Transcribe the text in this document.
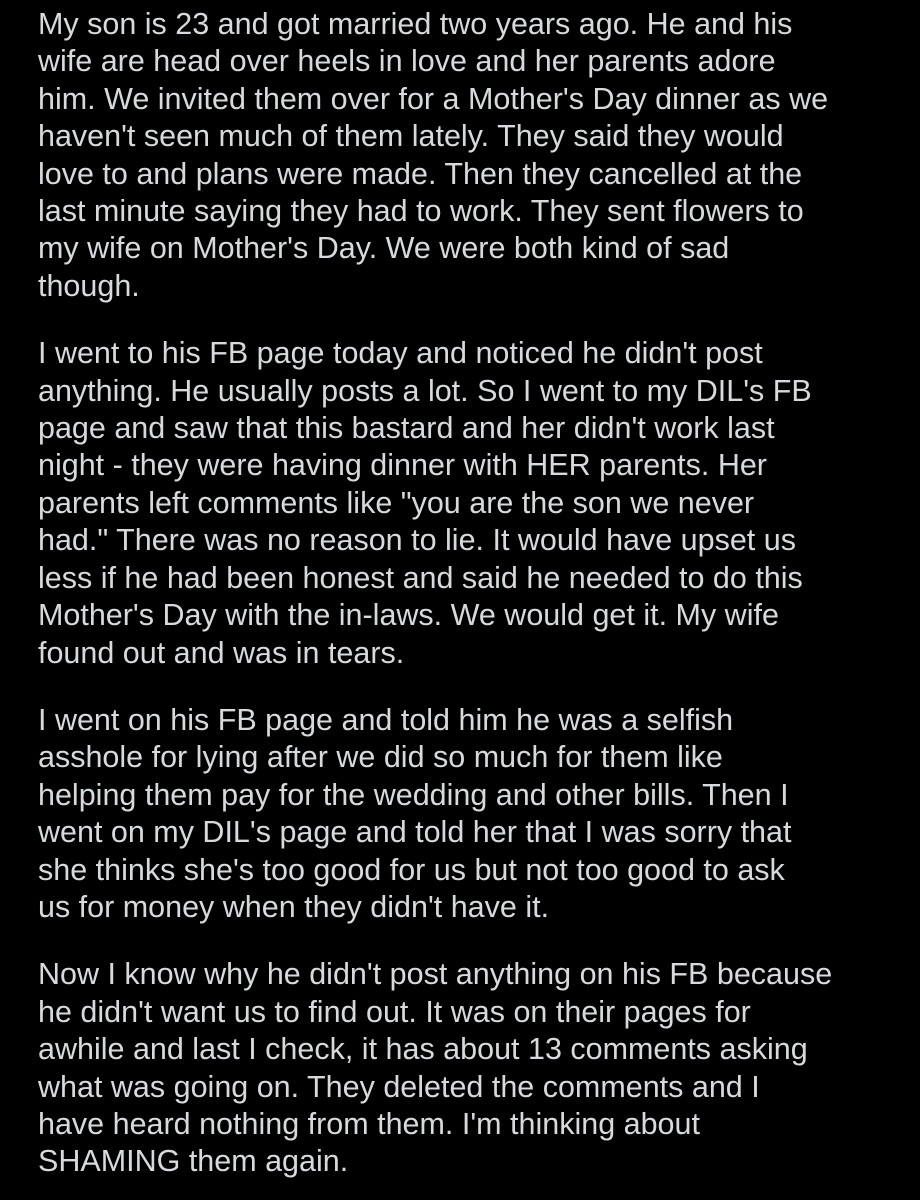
My son is 23 and got married two years ago. He and his
wife are head over heels in love and her parents adore
him. We invited them over for a Mother's Day dinner as we
haven't seen much of them lately. They said they would
love to and plans were made. Then they cancelled at the
last minute saying they had to work. They sent flowers to
my wife on Mother's Day. We were both kind of sad
though.

I went to his FB page today and noticed he didn't post
anything. He usually posts a lot. So I went to my DIL's FB
page and saw that this bastard and her didn't work last
night - they were having dinner with HER parents. Her
parents left comments like "you are the son we never
had." There was no reason to lie. It would have upset us
less if he had been honest and said he needed to do this
Mother's Day with the in-laws. We would get it. My wife
found out and was in tears.

I went on his FB page and told him he was a selfish
asshole for lying after we did so much for them like
helping them pay for the wedding and other bills. Then I
went on my DIL's page and told her that I was sorry that
she thinks she's too good for us but not too good to ask
us for money when they didn't have it.

Now I know why he didn't post anything on his FB because
he didn't want us to find out. It was on their pages for
awhile and last I check, it has about 13 comments asking
what was going on. They deleted the comments and I
have heard nothing from them. I'm thinking about
SHAMING them again.
